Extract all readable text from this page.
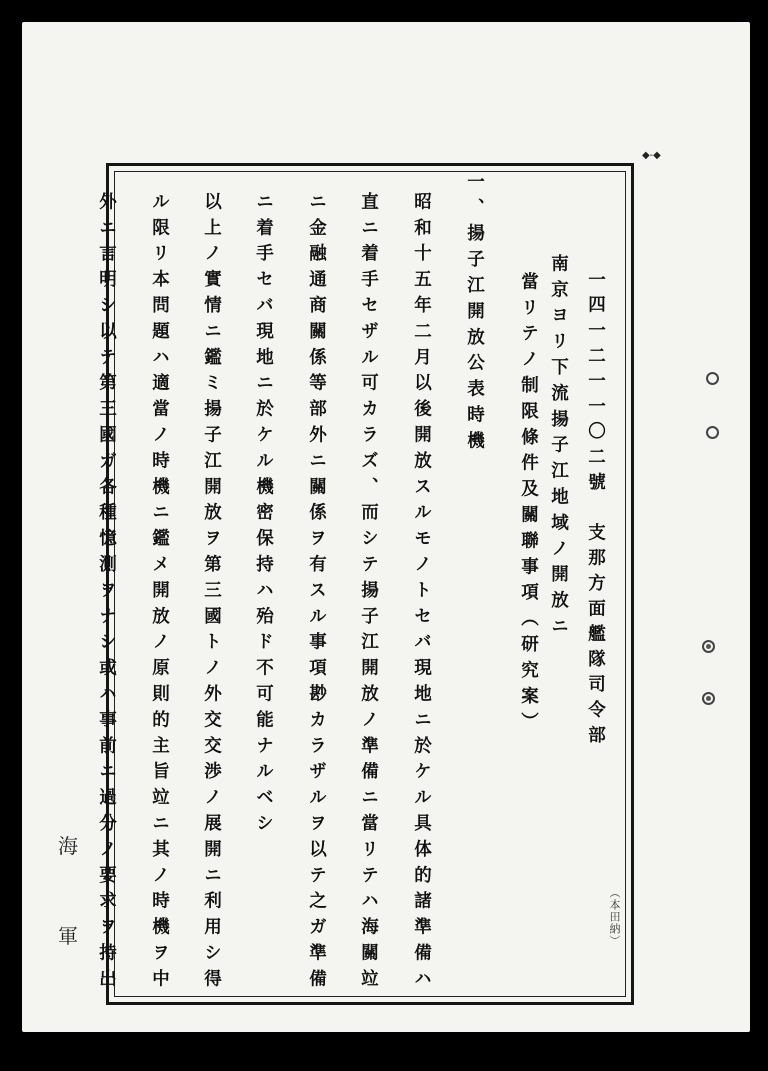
◆‐◆
一四一二一一〇二號　支那方面艦隊司令部
南京ヨリ下流揚子江地域ノ開放ニ
當リテノ制限條件及關聯事項（研究案）
一、揚子江開放公表時機
昭和十五年二月以後開放スルモノトセバ現地ニ於ケル具体的諸準備ハ
直ニ着手セザル可カラズ、而シテ揚子江開放ノ準備ニ當リテハ海關竝
ニ金融通商關係等部外ニ關係ヲ有スル事項尠カラザルヲ以テ之ガ準備
ニ着手セバ現地ニ於ケル機密保持ハ殆ド不可能ナルベシ
以上ノ實情ニ鑑ミ揚子江開放ヲ第三國トノ外交交渉ノ展開ニ利用シ得
ル限リ本問題ハ適當ノ時機ニ鑑メ開放ノ原則的主旨竝ニ其ノ時機ヲ中
外ニ言明シ以テ第三國ガ各種憶測ヲナシ或ハ事前ニ過分ノ要求ヲ持出
海
軍	（本田納）
